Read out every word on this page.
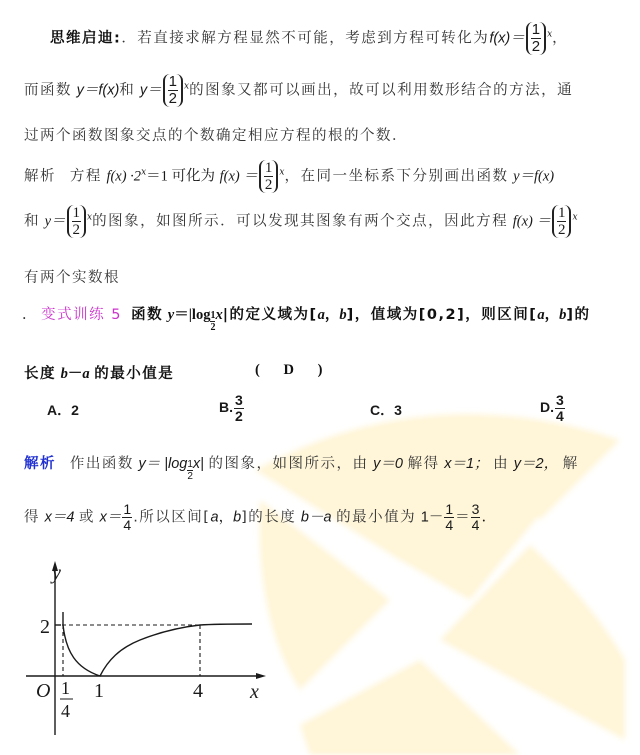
思维启迪:．若直接求解方程显然不可能，考虑到方程可转化为$f(x)= \frac{1}{2} ^x$，
而函数 y＝f(x)和 $y= \frac{1}{2} ^x$的图象又都可以画出，故可以利用数形结合的方法，通
过两个函数图象交点的个数确定相应方程的根的个数．
解析 方程 $f(x) \cdot 2^x=1$ 可化为 $f(x) = \frac{1}{2} ^x$，在同一坐标系下分别画出函数 y＝f(x)
和 $y= \frac{1}{2} ^x$的图象，如图所示．可以发现其图象有两个交点，因此方程 $f(x) = \frac{1}{2} ^x$
有两个实数根
． 变式训练 5 函数 $y=|\log \frac{1}{2} x|$的定义域为[a，b]，值域为[0,2]，则区间[a，b]的
长度 b－a 的最小值是	( D )
A．2	B. $\frac{3}{2}$	C．3	D. $\frac{3}{4}$
解析 作出函数 $y= |\log \frac{1}{2} x|$ 的图象，如图所示，由 y＝0 解得 x＝1； 由 y＝2， 解
得 x＝4 或 $x= \frac{1}{4}$ .所以区间[a，b]的长度 b－a 的最小值为 $1- \frac{1}{4} = \frac{3}{4}$ .
y
2
O 1	4 x
1
4
